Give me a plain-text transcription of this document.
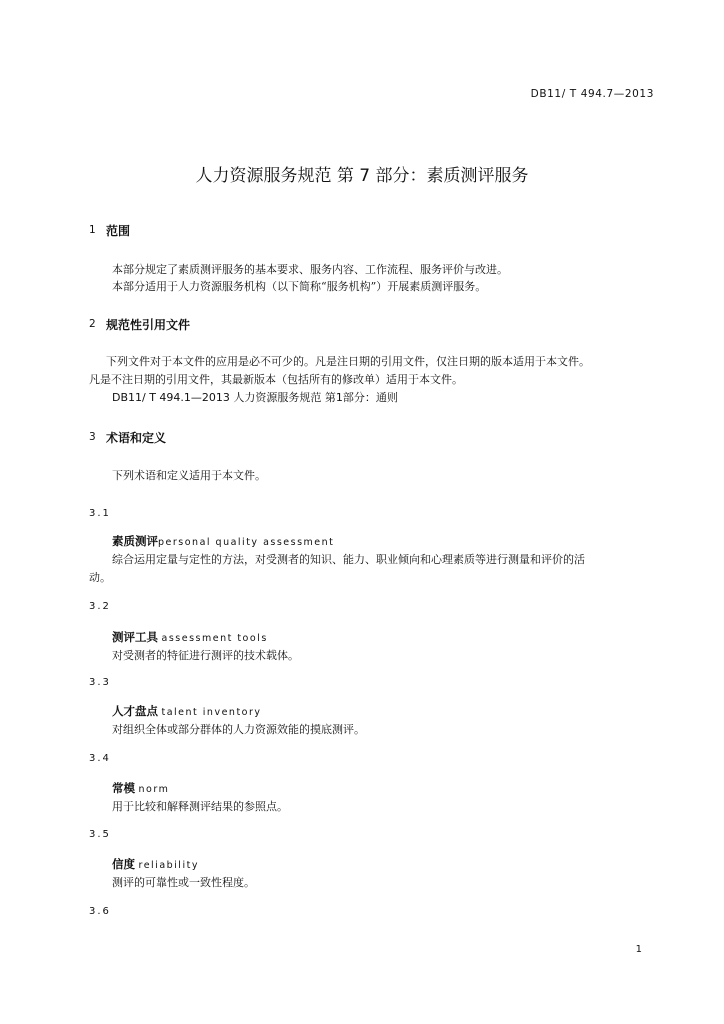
DB11/ T 494.7—2013
人力资源服务规范 第 7 部分：素质测评服务
1 范围
本部分规定了素质测评服务的基本要求、服务内容、工作流程、服务评价与改进。
本部分适用于人力资源服务机构（以下简称“服务机构”）开展素质测评服务。
2 规范性引用文件
下列文件对于本文件的应用是必不可少的。凡是注日期的引用文件，仅注日期的版本适用于本文件。
凡是不注日期的引用文件，其最新版本（包括所有的修改单）适用于本文件。
DB11/ T 494.1—2013 人力资源服务规范 第1部分：通则
3 术语和定义
下列术语和定义适用于本文件。
3.1
素质测评personal quality assessment
综合运用定量与定性的方法，对受测者的知识、能力、职业倾向和心理素质等进行测量和评价的活
动。
3.2
测评工具 assessment tools
对受测者的特征进行测评的技术载体。
3.3
人才盘点 talent inventory
对组织全体或部分群体的人力资源效能的摸底测评。
3.4
常模 norm
用于比较和解释测评结果的参照点。
3.5
信度 reliability
测评的可靠性或一致性程度。
3.6
1
